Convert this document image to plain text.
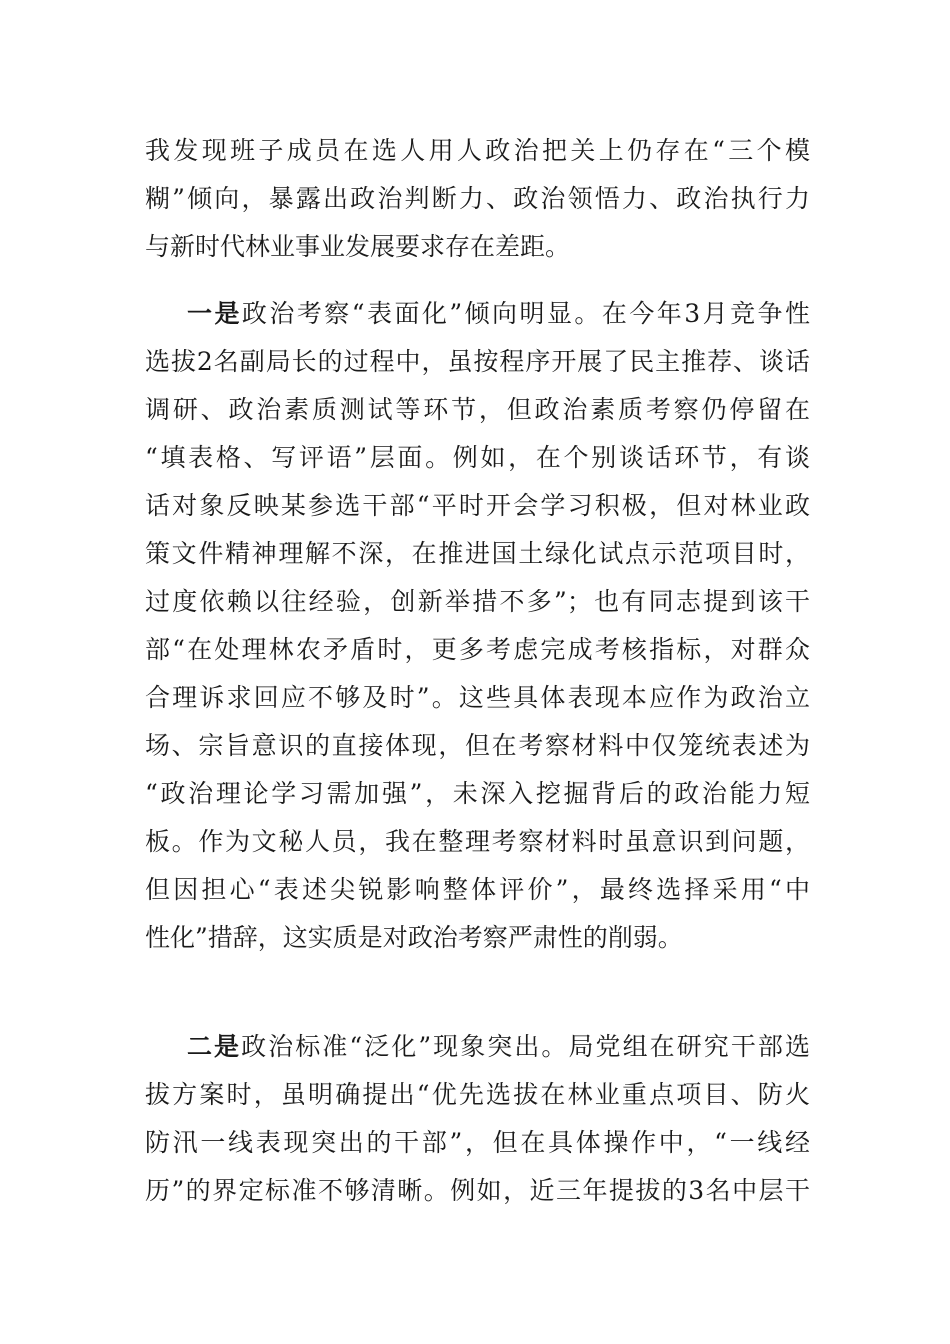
我发现班子成员在选人用人政治把关上仍存在“三个模
糊”倾向，暴露出政治判断力、政治领悟力、政治执行力
与新时代林业事业发展要求存在差距。
一是政治考察“表面化”倾向明显。在今年3月竞争性
选拔2名副局长的过程中，虽按程序开展了民主推荐、谈话
调研、政治素质测试等环节，但政治素质考察仍停留在
“填表格、写评语”层面。例如，在个别谈话环节，有谈
话对象反映某参选干部“平时开会学习积极，但对林业政
策文件精神理解不深，在推进国土绿化试点示范项目时，
过度依赖以往经验，创新举措不多”；也有同志提到该干
部“在处理林农矛盾时，更多考虑完成考核指标，对群众
合理诉求回应不够及时”。这些具体表现本应作为政治立
场、宗旨意识的直接体现，但在考察材料中仅笼统表述为
“政治理论学习需加强”，未深入挖掘背后的政治能力短
板。作为文秘人员，我在整理考察材料时虽意识到问题，
但因担心“表述尖锐影响整体评价”，最终选择采用“中
性化”措辞，这实质是对政治考察严肃性的削弱。
二是政治标准“泛化”现象突出。局党组在研究干部选
拔方案时，虽明确提出“优先选拔在林业重点项目、防火
防汛一线表现突出的干部”，但在具体操作中，“一线经
历”的界定标准不够清晰。例如，近三年提拔的3名中层干
